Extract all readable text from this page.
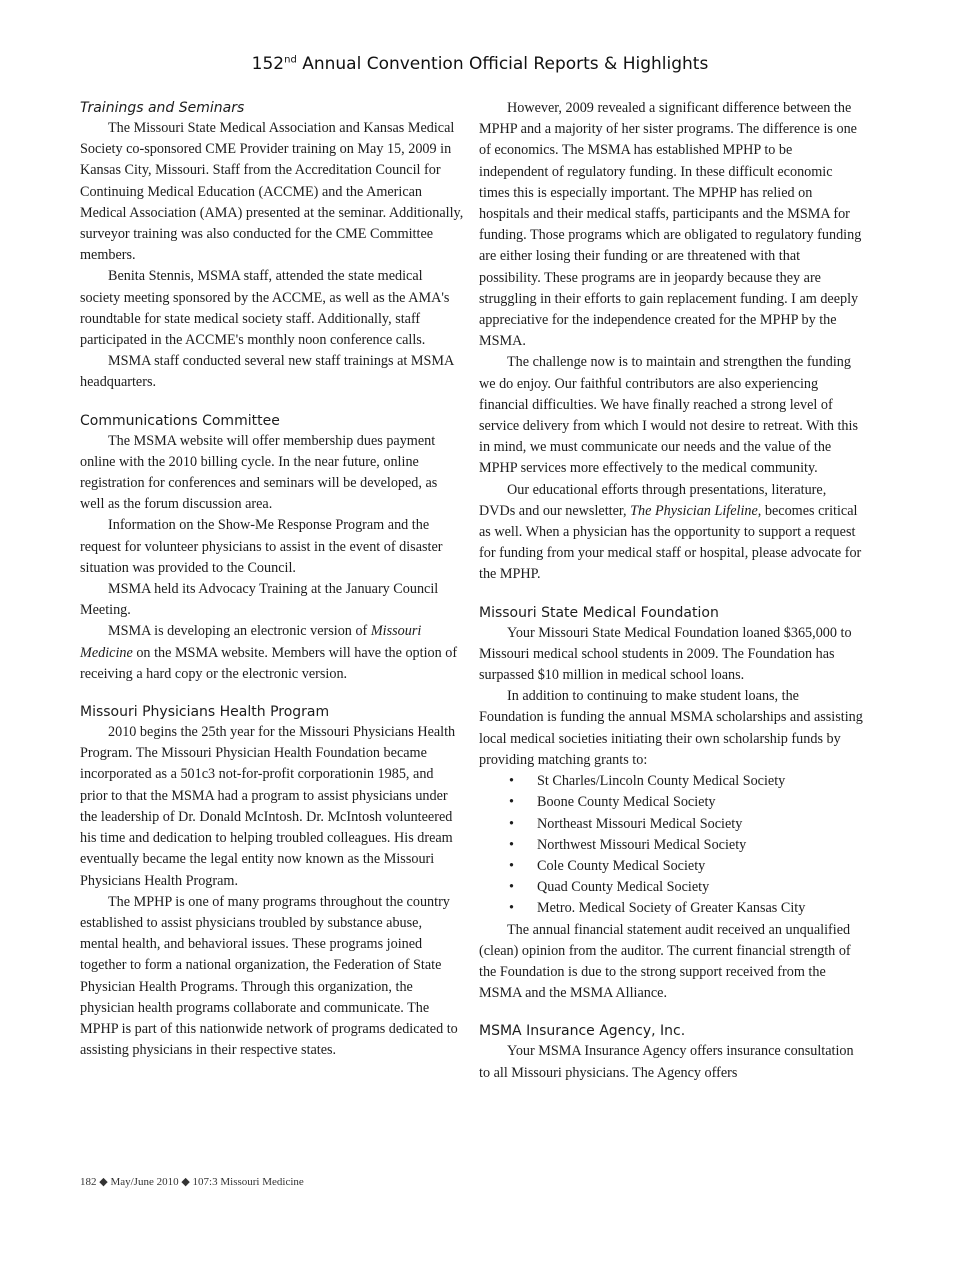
152nd Annual Convention Official Reports & Highlights
Trainings and Seminars

The Missouri State Medical Association and Kansas Medical Society co-sponsored CME Provider training on May 15, 2009 in Kansas City, Missouri. Staff from the Accreditation Council for Continuing Medical Education (ACCME) and the American Medical Association (AMA) presented at the seminar. Additionally, surveyor training was also conducted for the CME Committee members.

Benita Stennis, MSMA staff, attended the state medical society meeting sponsored by the ACCME, as well as the AMA's roundtable for state medical society staff. Additionally, staff participated in the ACCME's monthly noon conference calls.

MSMA staff conducted several new staff trainings at MSMA headquarters.

Communications Committee

The MSMA website will offer membership dues payment online with the 2010 billing cycle. In the near future, online registration for conferences and seminars will be developed, as well as the forum discussion area.

Information on the Show-Me Response Program and the request for volunteer physicians to assist in the event of disaster situation was provided to the Council.

MSMA held its Advocacy Training at the January Council Meeting.

MSMA is developing an electronic version of Missouri Medicine on the MSMA website. Members will have the option of receiving a hard copy or the electronic version.

Missouri Physicians Health Program

2010 begins the 25th year for the Missouri Physicians Health Program. The Missouri Physician Health Foundation became incorporated as a 501c3 not-for-profit corporationin 1985, and prior to that the MSMA had a program to assist physicians under the leadership of Dr. Donald McIntosh. Dr. McIntosh volunteered his time and dedication to helping troubled colleagues. His dream eventually became the legal entity now known as the Missouri Physicians Health Program.

The MPHP is one of many programs throughout the country established to assist physicians troubled by substance abuse, mental health, and behavioral issues. These programs joined together to form a national organization, the Federation of State Physician Health Programs. Through this organization, the physician health programs collaborate and communicate. The MPHP is part of this nationwide network of programs dedicated to assisting physicians in their respective states.

However, 2009 revealed a significant difference between the MPHP and a majority of her sister programs. The difference is one of economics. The MSMA has established MPHP to be independent of regulatory funding. In these difficult economic times this is especially important. The MPHP has relied on hospitals and their medical staffs, participants and the MSMA for funding. Those programs which are obligated to regulatory funding are either losing their funding or are threatened with that possibility. These programs are in jeopardy because they are struggling in their efforts to gain replacement funding. I am deeply appreciative for the independence created for the MPHP by the MSMA.

The challenge now is to maintain and strengthen the funding we do enjoy. Our faithful contributors are also experiencing financial difficulties. We have finally reached a strong level of service delivery from which I would not desire to retreat. With this in mind, we must communicate our needs and the value of the MPHP services more effectively to the medical community.

Our educational efforts through presentations, literature, DVDs and our newsletter, The Physician Lifeline, becomes critical as well. When a physician has the opportunity to support a request for funding from your medical staff or hospital, please advocate for the MPHP.

Missouri State Medical Foundation

Your Missouri State Medical Foundation loaned $365,000 to Missouri medical school students in 2009. The Foundation has surpassed $10 million in medical school loans.

In addition to continuing to make student loans, the Foundation is funding the annual MSMA scholarships and assisting local medical societies initiating their own scholarship funds by providing matching grants to:

• St Charles/Lincoln County Medical Society
• Boone County Medical Society
• Northeast Missouri Medical Society
• Northwest Missouri Medical Society
• Cole County Medical Society
• Quad County Medical Society
• Metro. Medical Society of Greater Kansas City

The annual financial statement audit received an unqualified (clean) opinion from the auditor. The current financial strength of the Foundation is due to the strong support received from the MSMA and the MSMA Alliance.

MSMA Insurance Agency, Inc.

Your MSMA Insurance Agency offers insurance consultation to all Missouri physicians. The Agency offers

182 ◆ May/June 2010 ◆ 107:3 Missouri Medicine
